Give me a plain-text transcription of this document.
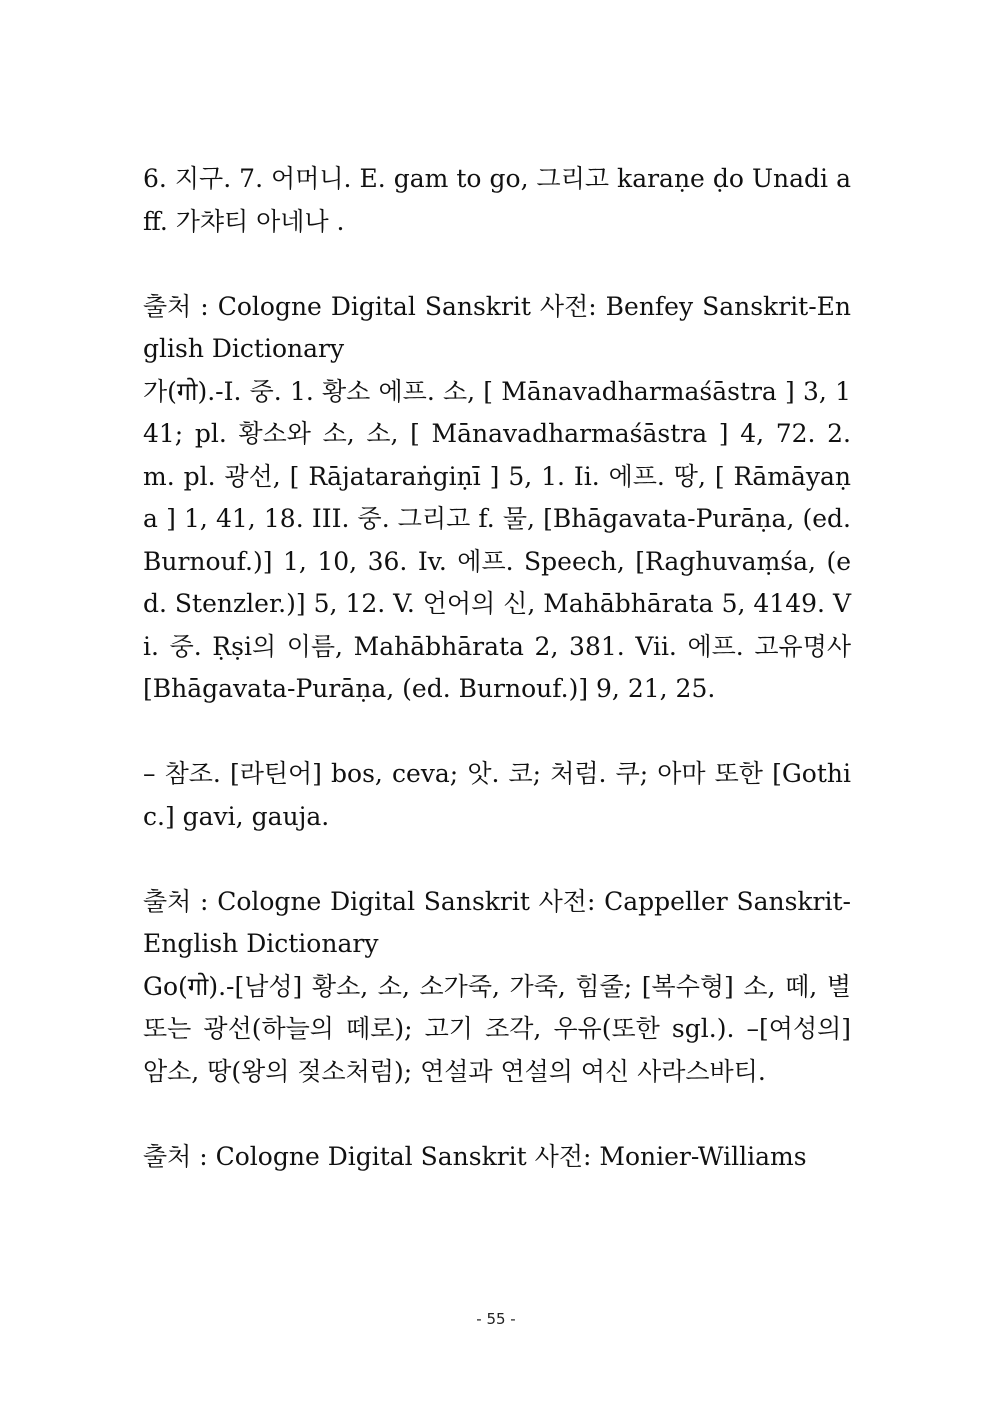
6. 지구. 7. 어머니. E. gam to go, 그리고 karaṇe ḍo Unadi aff. 가챠티 아네나 .

출처 : Cologne Digital Sanskrit 사전: Benfey Sanskrit-English Dictionary

가(गो).-I. 중. 1. 황소 에프. 소, [ Mānavadharmaśāstra ] 3, 141; pl. 황소와 소, 소, [ Mānavadharmaśāstra ] 4, 72. 2. m. pl. 광선, [ Rājataraṅgiṇī ] 5, 1. Ii. 에프. 땅, [ Rāmāyaṇa ] 1, 41, 18. III. 중. 그리고 f. 물, [Bhāgavata-Purāṇa, (ed. Burnouf.)] 1, 10, 36. Iv. 에프. Speech, [Raghuvaṃśa, (ed. Stenzler.)] 5, 12. V. 언어의 신, Mahābhārata 5, 4149. Vi. 중. Ṛṣi의 이름, Mahābhārata 2, 381. Vii. 에프. 고유명사 [Bhāgavata-Purāṇa, (ed. Burnouf.)] 9, 21, 25.

– 참조. [라틴어] bos, ceva; 앗. 코; 처럼. 쿠; 아마 또한 [Gothic.] gavi, gauja.

출처 : Cologne Digital Sanskrit 사전: Cappeller Sanskrit-English Dictionary

Go(गो).-[남성] 황소, 소, 소가죽, 가죽, 힘줄; [복수형] 소, 떼, 별 또는 광선(하늘의 떼로); 고기 조각, 우유(또한 sgl.). –[여성의] 암소, 땅(왕의 젖소처럼); 연설과 연설의 여신 사라스바티.

출처 : Cologne Digital Sanskrit 사전: Monier-Williams

- 55 -
